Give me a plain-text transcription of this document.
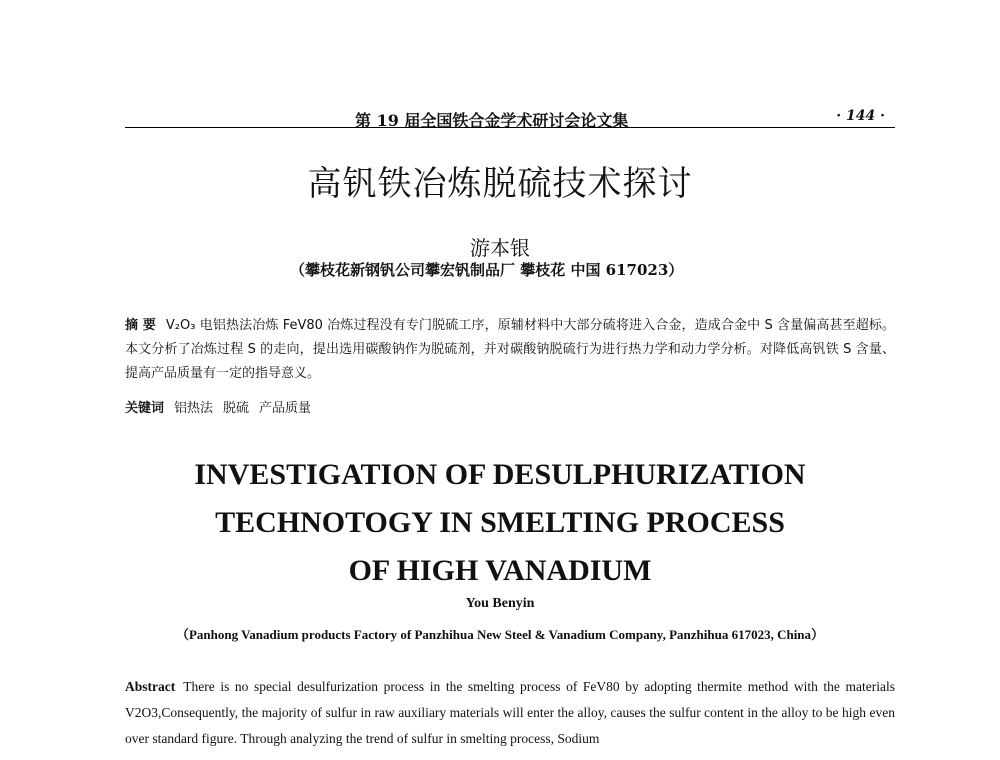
第 19 届全国铁合金学术研讨会论文集	· 144 ·
高钒铁冶炼脱硫技术探讨
游本银
（攀枝花新钢钒公司攀宏钒制品厂 攀枝花 中国 617023）
摘 要 V₂O₃ 电铝热法冶炼 FeV80 冶炼过程没有专门脱硫工序，原辅材料中大部分硫将进入合金，造成合金中 S 含量偏高甚至超标。本文分析了冶炼过程 S 的走向，提出选用碳酸钠作为脱硫剂，并对碳酸钠脱硫行为进行热力学和动力学分析。对降低高钒铁 S 含量、提高产品质量有一定的指导意义。
关键词 铝热法 脱硫 产品质量
INVESTIGATION OF DESULPHURIZATION
TECHNOTOGY IN SMELTING PROCESS
OF HIGH VANADIUM
You Benyin
（Panhong Vanadium products Factory of Panzhihua New Steel & Vanadium Company, Panzhihua 617023, China）
Abstract There is no special desulfurization process in the smelting process of FeV80 by adopting thermite method with the materials V2O3,Consequently, the majority of sulfur in raw auxiliary materials will enter the alloy, causes the sulfur content in the alloy to be high even over standard figure. Through analyzing the trend of sulfur in smelting process, Sodium
